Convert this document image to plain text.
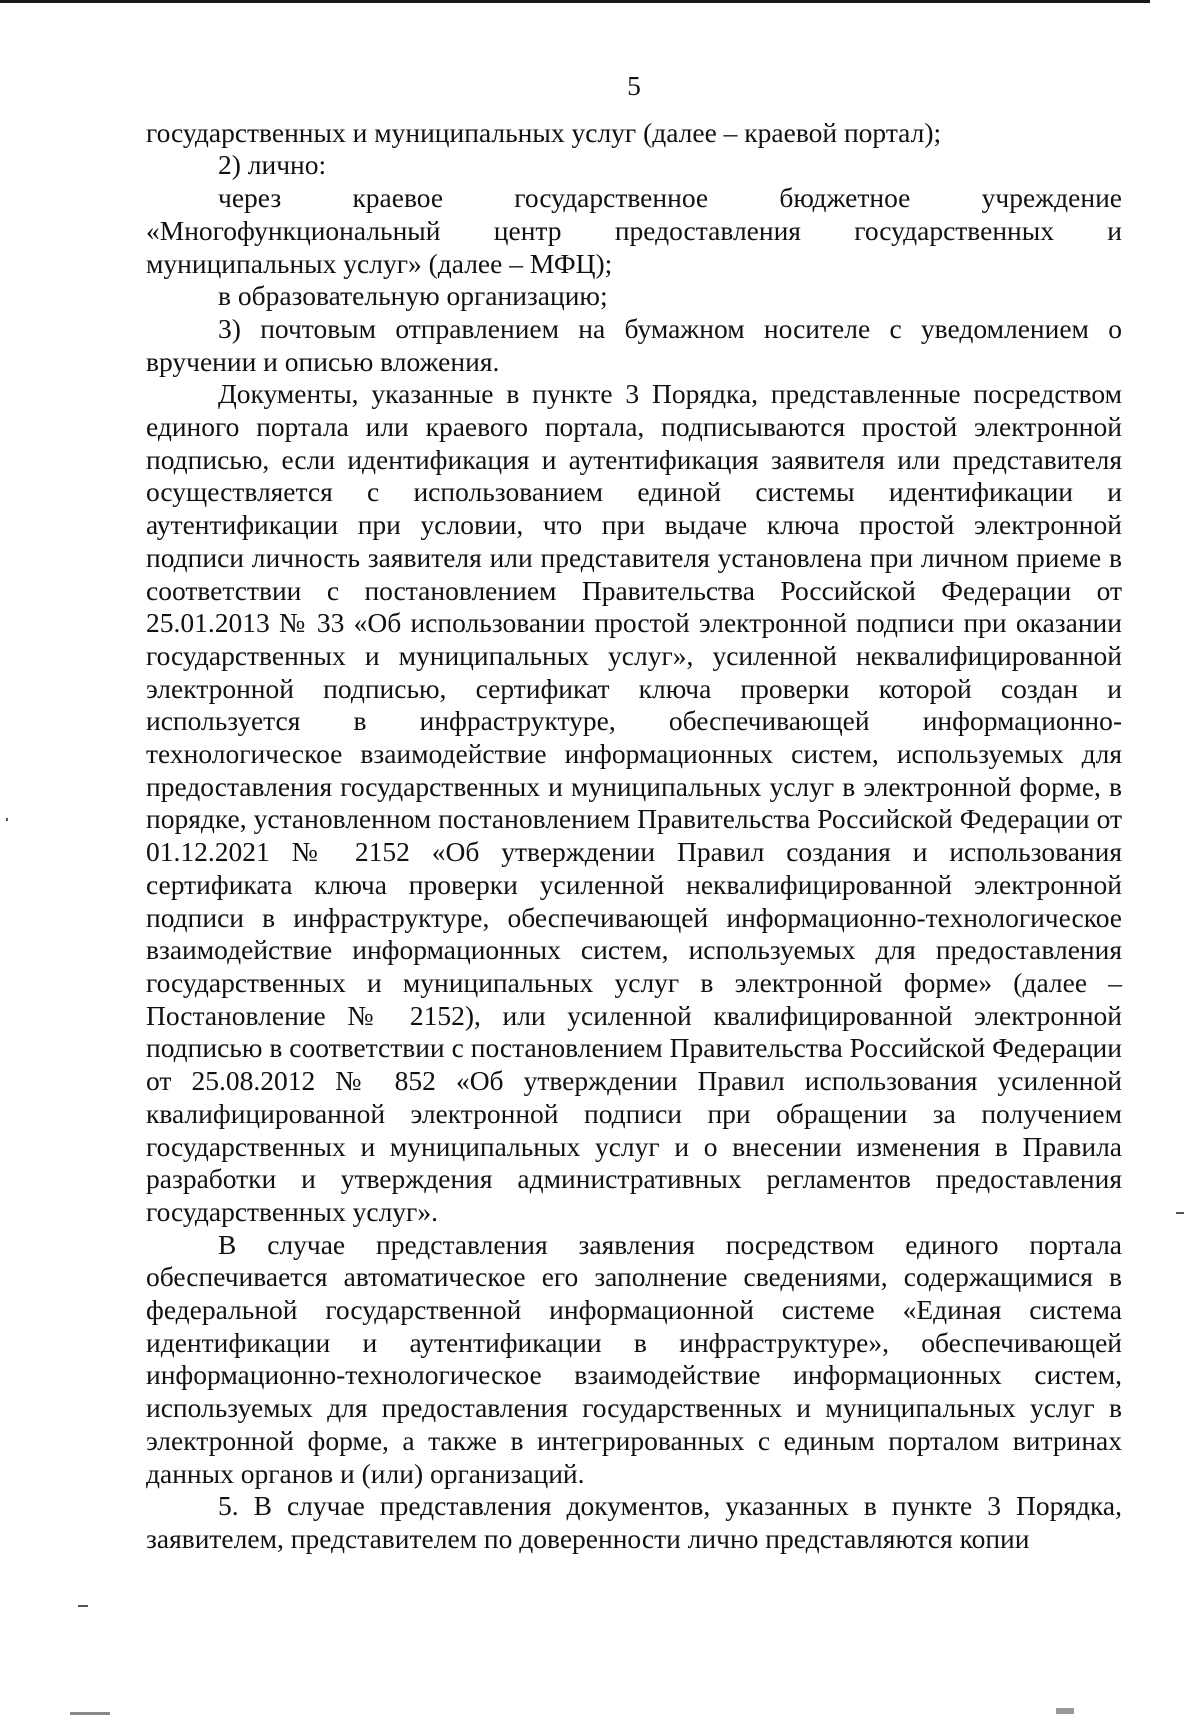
5

государственных и муниципальных услуг (далее – краевой портал);

2) лично:

через краевое государственное бюджетное учреждение «Многофункциональный центр предоставления государственных и муниципальных услуг» (далее – МФЦ);

в образовательную организацию;

3) почтовым отправлением на бумажном носителе с уведомлением о вручении и описью вложения.

Документы, указанные в пункте 3 Порядка, представленные посредством единого портала или краевого портала, подписываются простой электронной подписью, если идентификация и аутентификация заявителя или представителя осуществляется с использованием единой системы идентификации и аутентификации при условии, что при выдаче ключа простой электронной подписи личность заявителя или представителя установлена при личном приеме в соответствии с постановлением Правительства Российской Федерации от 25.01.2013 № 33 «Об использовании простой электронной подписи при оказании государственных и муниципальных услуг», усиленной неквалифицированной электронной подписью, сертификат ключа проверки которой создан и используется в инфраструктуре, обеспечивающей информационно-технологическое взаимодействие информационных систем, используемых для предоставления государственных и муниципальных услуг в электронной форме, в порядке, установленном постановлением Правительства Российской Федерации от 01.12.2021 № 2152 «Об утверждении Правил создания и использования сертификата ключа проверки усиленной неквалифицированной электронной подписи в инфраструктуре, обеспечивающей информационно-технологическое взаимодействие информационных систем, используемых для предоставления государственных и муниципальных услуг в электронной форме» (далее – Постановление № 2152), или усиленной квалифицированной электронной подписью в соответствии с постановлением Правительства Российской Федерации от 25.08.2012 № 852 «Об утверждении Правил использования усиленной квалифицированной электронной подписи при обращении за получением государственных и муниципальных услуг и о внесении изменения в Правила разработки и утверждения административных регламентов предоставления государственных услуг».

В случае представления заявления посредством единого портала обеспечивается автоматическое его заполнение сведениями, содержащимися в федеральной государственной информационной системе «Единая система идентификации и аутентификации в инфраструктуре», обеспечивающей информационно-технологическое взаимодействие информационных систем, используемых для предоставления государственных и муниципальных услуг в электронной форме, а также в интегрированных с единым порталом витринах данных органов и (или) организаций.

5. В случае представления документов, указанных в пункте 3 Порядка, заявителем, представителем по доверенности лично представляются копии
